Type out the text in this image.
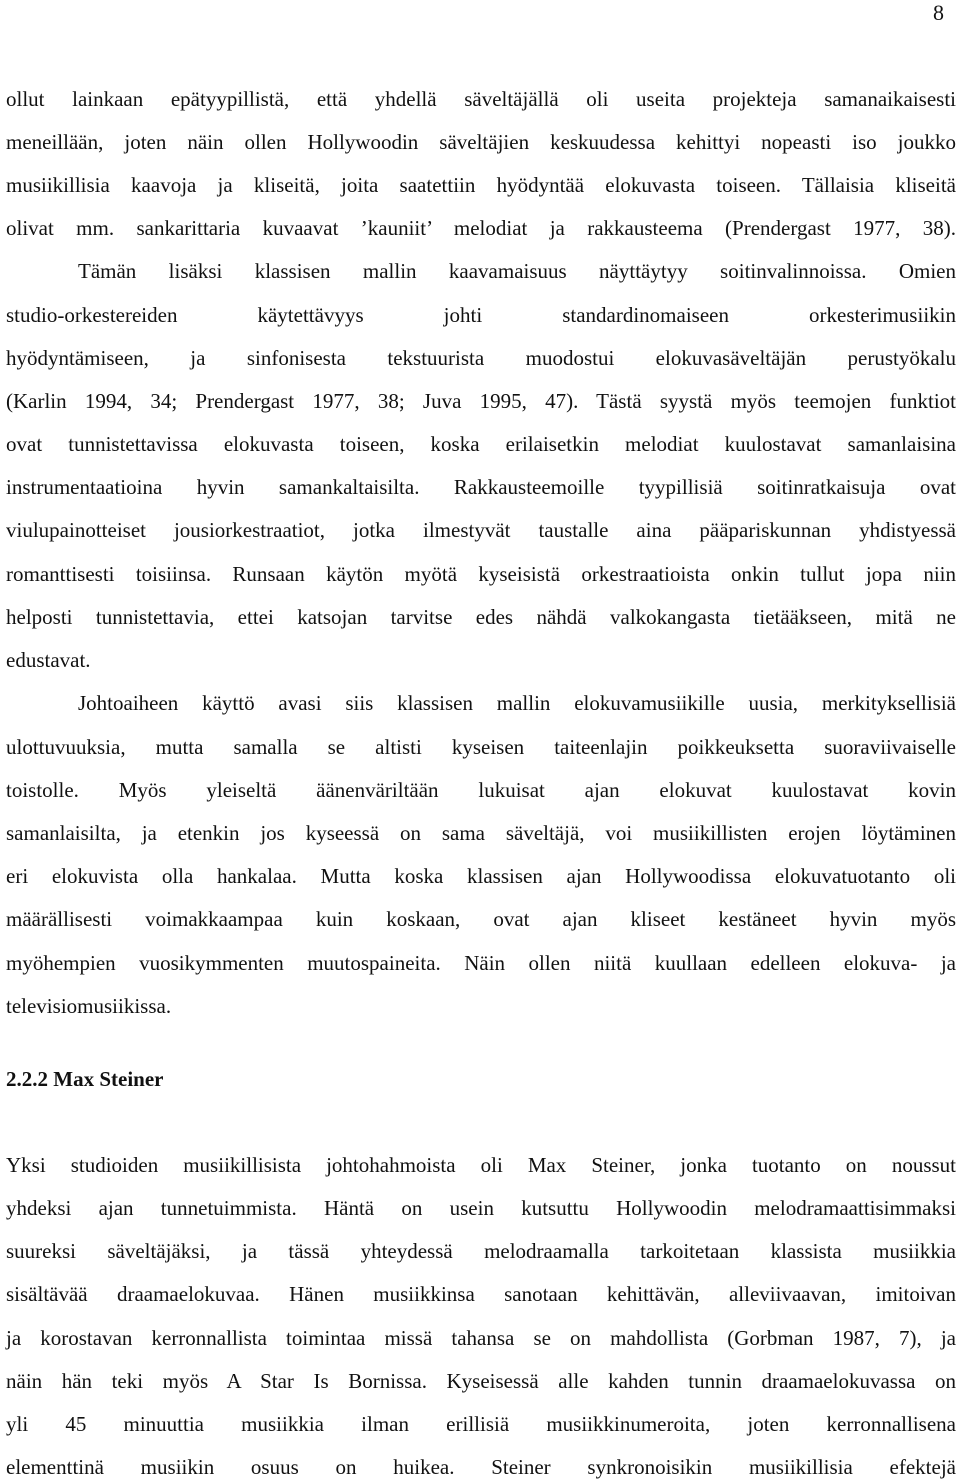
8
ollut lainkaan epätyypillistä, että yhdellä säveltäjällä oli useita projekteja samanaikaisesti
meneillään, joten näin ollen Hollywoodin säveltäjien keskuudessa kehittyi nopeasti iso joukko
musiikillisia kaavoja ja kliseitä, joita saatettiin hyödyntää elokuvasta toiseen. Tällaisia kliseitä
olivat mm. sankarittaria kuvaavat ’kauniit’ melodiat ja rakkausteema (Prendergast 1977, 38).
Tämän lisäksi klassisen mallin kaavamaisuus näyttäytyy soitinvalinnoissa. Omien
studio-orkestereiden käytettävyys johti standardinomaiseen orkesterimusiikin
hyödyntämiseen, ja sinfonisesta tekstuurista muodostui elokuvasäveltäjän perustyökalu
(Karlin 1994, 34; Prendergast 1977, 38; Juva 1995, 47). Tästä syystä myös teemojen funktiot
ovat tunnistettavissa elokuvasta toiseen, koska erilaisetkin melodiat kuulostavat samanlaisina
instrumentaatioina hyvin samankaltaisilta. Rakkausteemoille tyypillisiä soitinratkaisuja ovat
viulupainotteiset jousiorkestraatiot, jotka ilmestyvät taustalle aina pääpariskunnan yhdistyessä
romanttisesti toisiinsa. Runsaan käytön myötä kyseisistä orkestraatioista onkin tullut jopa niin
helposti tunnistettavia, ettei katsojan tarvitse edes nähdä valkokangasta tietääkseen, mitä ne
edustavat.
Johtoaiheen käyttö avasi siis klassisen mallin elokuvamusiikille uusia, merkityksellisiä
ulottuvuuksia, mutta samalla se altisti kyseisen taiteenlajin poikkeuksetta suoraviivaiselle
toistolle. Myös yleiseltä äänenväriltään lukuisat ajan elokuvat kuulostavat kovin
samanlaisilta, ja etenkin jos kyseessä on sama säveltäjä, voi musiikillisten erojen löytäminen
eri elokuvista olla hankalaa. Mutta koska klassisen ajan Hollywoodissa elokuvatuotanto oli
määrällisesti voimakkaampaa kuin koskaan, ovat ajan kliseet kestäneet hyvin myös
myöhempien vuosikymmenten muutospaineita. Näin ollen niitä kuullaan edelleen elokuva- ja
televisiomusiikissa.
2.2.2 Max Steiner
Yksi studioiden musiikillisista johtohahmoista oli Max Steiner, jonka tuotanto on noussut
yhdeksi ajan tunnetuimmista. Häntä on usein kutsuttu Hollywoodin melodramaattisimmaksi
suureksi säveltäjäksi, ja tässä yhteydessä melodraamalla tarkoitetaan klassista musiikkia
sisältävää draamaelokuvaa. Hänen musiikkinsa sanotaan kehittävän, alleviivaavan, imitoivan
ja korostavan kerronnallista toimintaa missä tahansa se on mahdollista (Gorbman 1987, 7), ja
näin hän teki myös A Star Is Bornissa. Kyseisessä alle kahden tunnin draamaelokuvassa on
yli 45 minuuttia musiikkia ilman erillisiä musiikkinumeroita, joten kerronnallisena
elementtinä musiikin osuus on huikea. Steiner synkronoisikin musiikillisia efektejä
